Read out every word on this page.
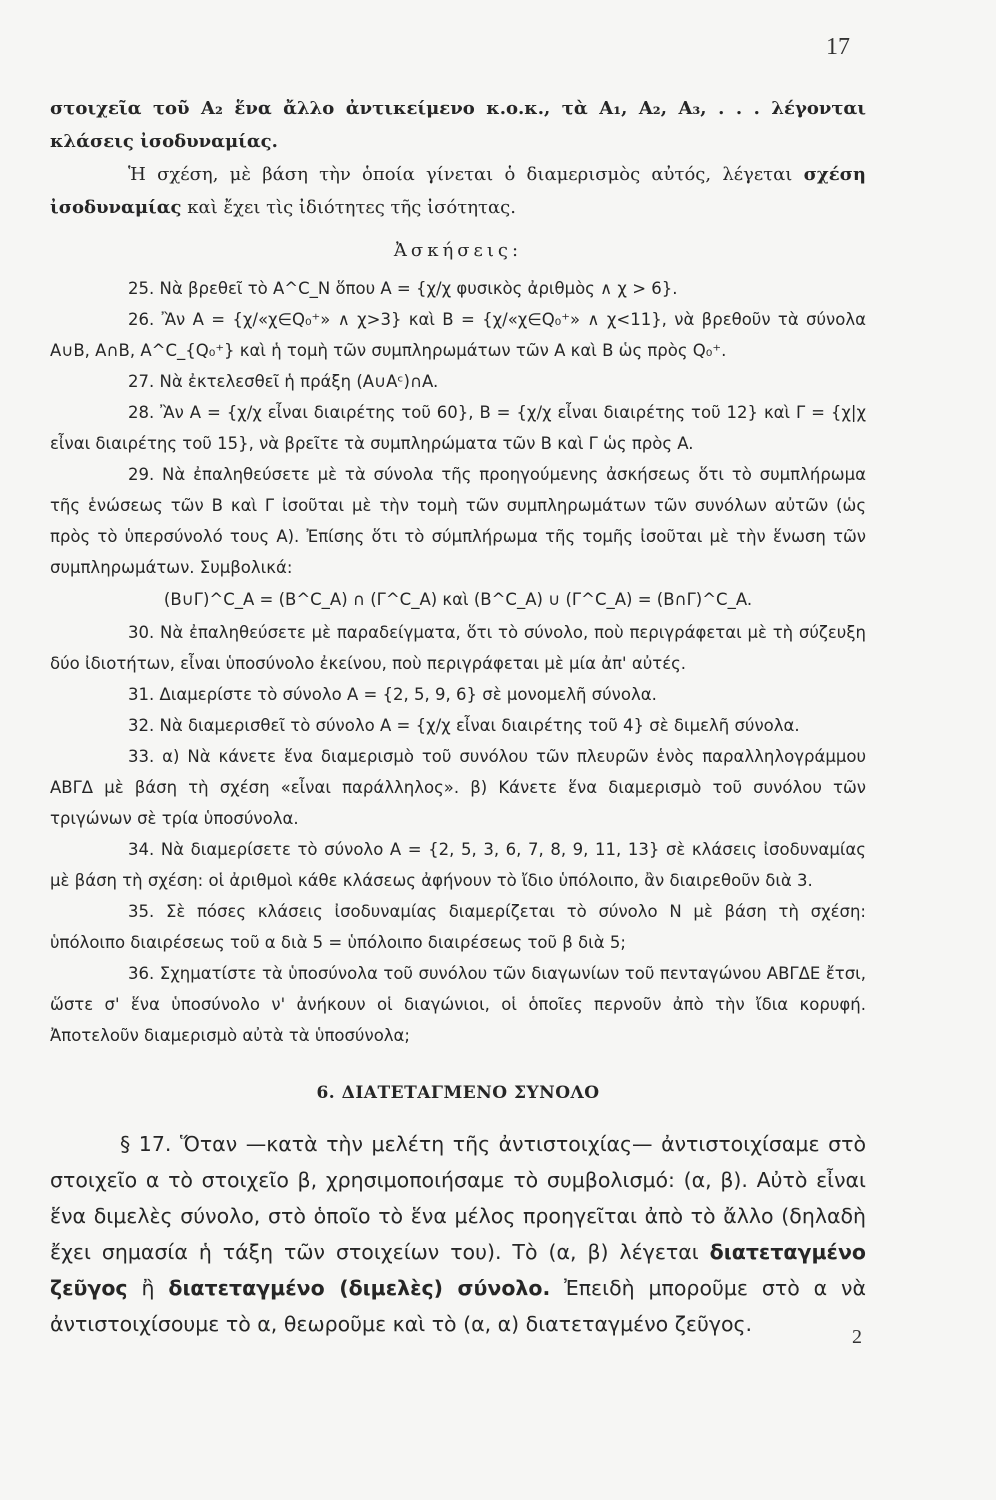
17

στοιχεῖα τοῦ A₂ ἕνα ἄλλο ἀντικείμενο κ.ο.κ., τὰ A₁, A₂, A₃, . . . λέγονται κλάσεις ἰσοδυναμίας.

Ἡ σχέση, μὲ βάση τὴν ὁποία γίνεται ὁ διαμερισμὸς αὐτός, λέγεται σχέση ἰσοδυναμίας καὶ ἔχει τὶς ἰδιότητες τῆς ἰσότητας.

Ἀσκήσεις:

25. Νὰ βρεθεῖ τὸ A^C_N ὅπου A = {χ/χ φυσικὸς ἀριθμὸς ∧ χ > 6}.

26. Ἂν A = {χ/«χ∈Q₀⁺» ∧ χ>3} καὶ B = {χ/«χ∈Q₀⁺» ∧ χ<11}, νὰ βρεθοῦν τὰ σύνολα A∪B, A∩B, A^C_{Q₀⁺} καὶ ἡ τομὴ τῶν συμπληρωμάτων τῶν A καὶ B ὡς πρὸς Q₀⁺.

27. Νὰ ἐκτελεσθεῖ ἡ πράξη (A∪Aᶜ)∩A.

28. Ἂν A = {χ/χ εἶναι διαιρέτης τοῦ 60}, B = {χ/χ εἶναι διαιρέτης τοῦ 12} καὶ Γ = {χ|χ εἶναι διαιρέτης τοῦ 15}, νὰ βρεῖτε τὰ συμπληρώματα τῶν B καὶ Γ ὡς πρὸς A.

29. Νὰ ἐπαληθεύσετε μὲ τὰ σύνολα τῆς προηγούμενης ἀσκήσεως ὅτι τὸ συμπλήρωμα τῆς ἑνώσεως τῶν B καὶ Γ ἰσοῦται μὲ τὴν τομὴ τῶν συμπληρωμάτων τῶν συνόλων αὐτῶν (ὡς πρὸς τὸ ὑπερσύνολό τους A). Ἐπίσης ὅτι τὸ σύμπλήρωμα τῆς τομῆς ἰσοῦται μὲ τὴν ἕνωση τῶν συμπληρωμάτων. Συμβολικά:

(B∪Γ)^C_A = (B^C_A) ∩ (Γ^C_A) καὶ (B^C_A) ∪ (Γ^C_A) = (B∩Γ)^C_A.

30. Νὰ ἐπαληθεύσετε μὲ παραδείγματα, ὅτι τὸ σύνολο, ποὺ περιγράφεται μὲ τὴ σύζευξη δύο ἰδιοτήτων, εἶναι ὑποσύνολο ἐκείνου, ποὺ περιγράφεται μὲ μία ἀπ' αὐτές.

31. Διαμερίστε τὸ σύνολο A = {2, 5, 9, 6} σὲ μονομελῆ σύνολα.

32. Νὰ διαμερισθεῖ τὸ σύνολο A = {χ/χ εἶναι διαιρέτης τοῦ 4} σὲ διμελῆ σύνολα.

33. α) Νὰ κάνετε ἕνα διαμερισμὸ τοῦ συνόλου τῶν πλευρῶν ἑνὸς παραλληλογράμμου ΑΒΓΔ μὲ βάση τὴ σχέση «εἶναι παράλληλος». β) Κάνετε ἕνα διαμερισμὸ τοῦ συνόλου τῶν τριγώνων σὲ τρία ὑποσύνολα.

34. Νὰ διαμερίσετε τὸ σύνολο A = {2, 5, 3, 6, 7, 8, 9, 11, 13} σὲ κλάσεις ἰσοδυναμίας μὲ βάση τὴ σχέση: οἱ ἀριθμοὶ κάθε κλάσεως ἀφήνουν τὸ ἴδιο ὑπόλοιπο, ἂν διαιρεθοῦν διὰ 3.

35. Σὲ πόσες κλάσεις ἰσοδυναμίας διαμερίζεται τὸ σύνολο N μὲ βάση τὴ σχέση: ὑπόλοιπο διαιρέσεως τοῦ α διὰ 5 = ὑπόλοιπο διαιρέσεως τοῦ β διὰ 5;

36. Σχηματίστε τὰ ὑποσύνολα τοῦ συνόλου τῶν διαγωνίων τοῦ πενταγώνου ΑΒΓΔΕ ἔτσι, ὥστε σ' ἕνα ὑποσύνολο ν' ἀνήκουν οἱ διαγώνιοι, οἱ ὁποῖες περνοῦν ἀπὸ τὴν ἴδια κορυφή. Ἀποτελοῦν διαμερισμὸ αὐτὰ τὰ ὑποσύνολα;

6. ΔΙΑΤΕΤΑΓΜΕΝΟ ΣΥΝΟΛΟ

§ 17. Ὅταν —κατὰ τὴν μελέτη τῆς ἀντιστοιχίας— ἀντιστοιχίσαμε στὸ στοιχεῖο α τὸ στοιχεῖο β, χρησιμοποιήσαμε τὸ συμβολισμό: (α, β). Αὐτὸ εἶναι ἕνα διμελὲς σύνολο, στὸ ὁποῖο τὸ ἕνα μέλος προηγεῖται ἀπὸ τὸ ἄλλο (δηλαδὴ ἔχει σημασία ἡ τάξη τῶν στοιχείων του). Τὸ (α, β) λέγεται διατεταγμένο ζεῦγος ἢ διατεταγμένο (διμελὲς) σύνολο. Ἐπειδὴ μποροῦμε στὸ α νὰ ἀντιστοιχίσουμε τὸ α, θεωροῦμε καὶ τὸ (α, α) διατεταγμένο ζεῦγος.

2
